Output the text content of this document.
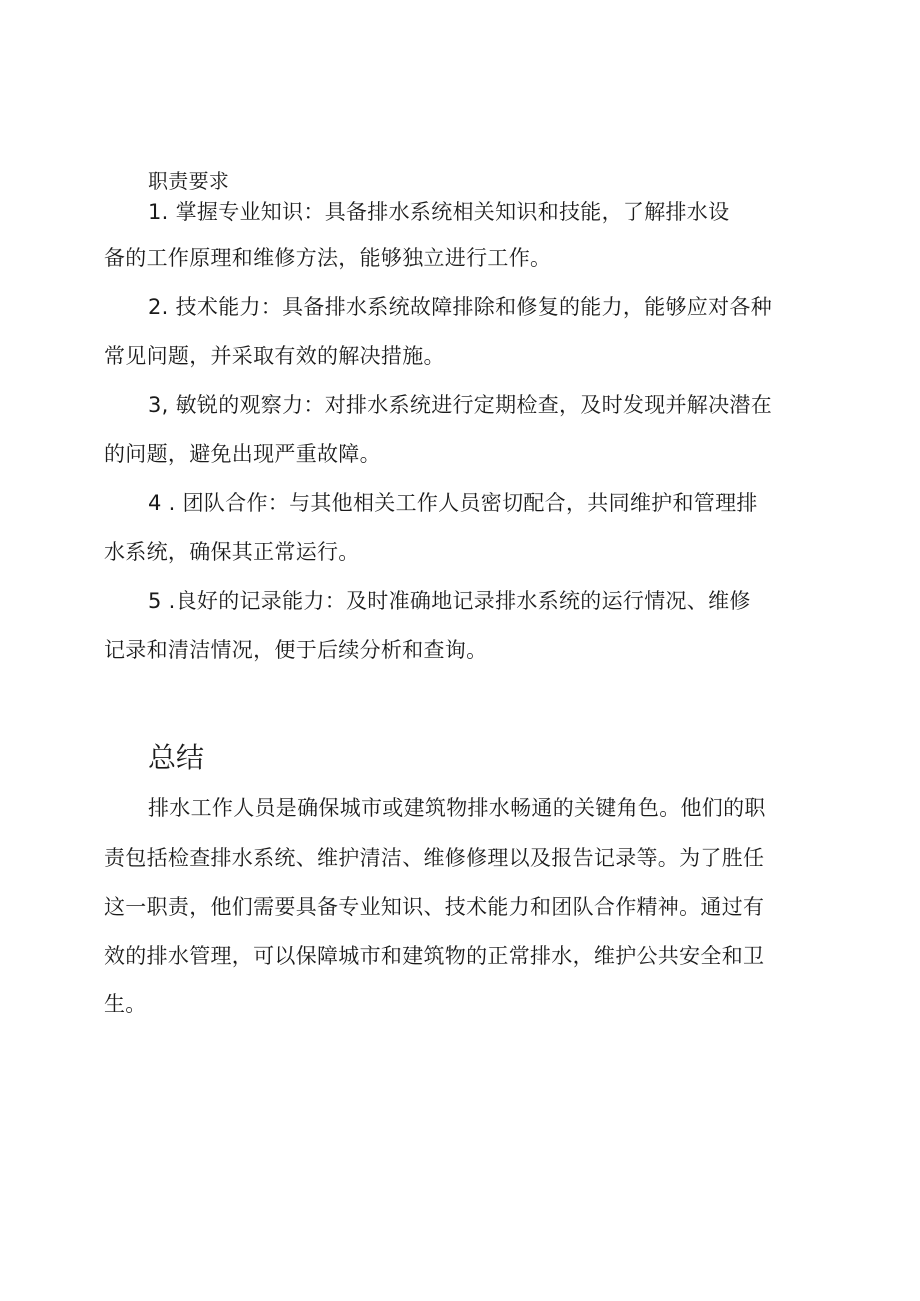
职责要求
1. 掌握专业知识：具备排水系统相关知识和技能，了解排水设
备的工作原理和维修方法，能够独立进行工作。
2. 技术能力：具备排水系统故障排除和修复的能力，能够应对各种
常见问题，并采取有效的解决措施。
3, 敏锐的观察力：对排水系统进行定期检查，及时发现并解决潜在
的问题，避免出现严重故障。
4 . 团队合作：与其他相关工作人员密切配合，共同维护和管理排
水系统，确保其正常运行。
5 .良好的记录能力：及时准确地记录排水系统的运行情况、维修
记录和清洁情况，便于后续分析和查询。
总结
排水工作人员是确保城市或建筑物排水畅通的关键角色。他们的职
责包括检查排水系统、维护清洁、维修修理以及报告记录等。为了胜任
这一职责，他们需要具备专业知识、技术能力和团队合作精神。通过有
效的排水管理，可以保障城市和建筑物的正常排水，维护公共安全和卫
生。
